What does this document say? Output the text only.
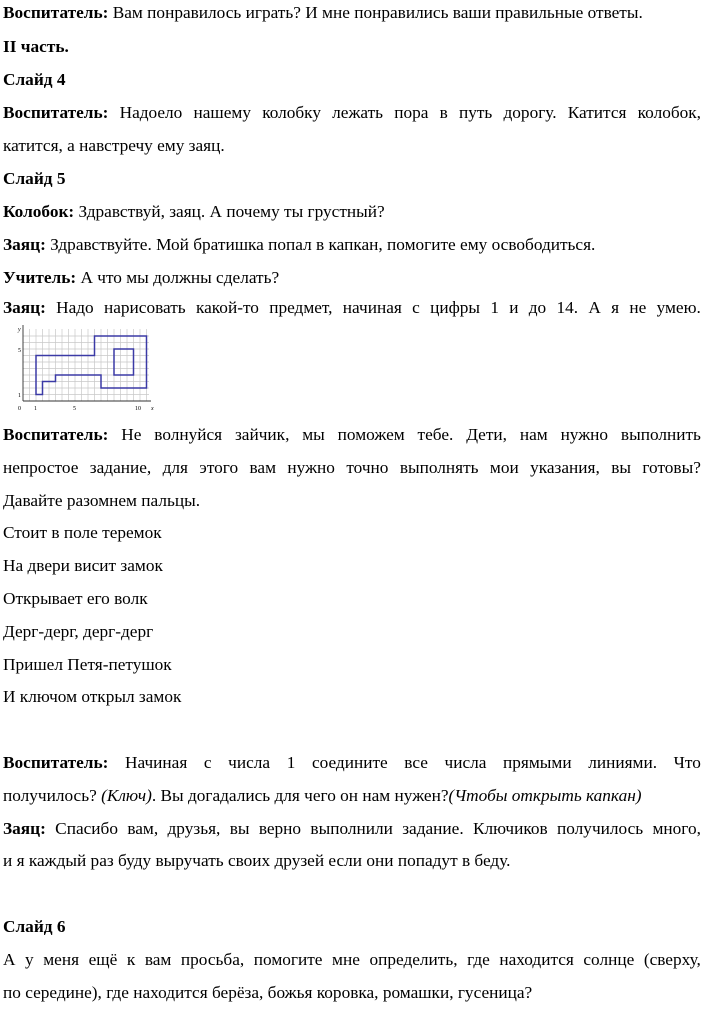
Воспитатель: Вам понравилось играть? И мне понравились ваши правильные ответы.
II часть.
Слайд 4
Воспитатель: Надоело нашему колобку лежать пора в путь дорогу. Катится колобок,
катится, а навстречу ему заяц.
Слайд 5
Колобок: Здравствуй, заяц. А почему ты грустный?
Заяц: Здравствуйте. Мой братишка попал в капкан, помогите ему освободиться.
Учитель: А что мы должны сделать?
Заяц: Надо нарисовать какой-то предмет, начиная с цифры 1 и до 14. А я не умею.
y
x
0 1	5	10
1
5
Воспитатель: Не волнуйся зайчик, мы поможем тебе. Дети, нам нужно выполнить
непростое задание, для этого вам нужно точно выполнять мои указания, вы готовы?
Давайте разомнем пальцы.
Стоит в поле теремок
На двери висит замок
Открывает его волк
Дерг-дерг, дерг-дерг
Пришел Петя-петушок
И ключом открыл замок
Воспитатель: Начиная с числа 1 соедините все числа прямыми линиями. Что
получилось? (Ключ). Вы догадались для чего он нам нужен?(Чтобы открыть капкан)
Заяц: Спасибо вам, друзья, вы верно выполнили задание. Ключиков получилось много,
и я каждый раз буду выручать своих друзей если они попадут в беду.
Слайд 6
А у меня ещё к вам просьба, помогите мне определить, где находится солнце (сверху,
по середине), где находится берёза, божья коровка, ромашки, гусеница?
